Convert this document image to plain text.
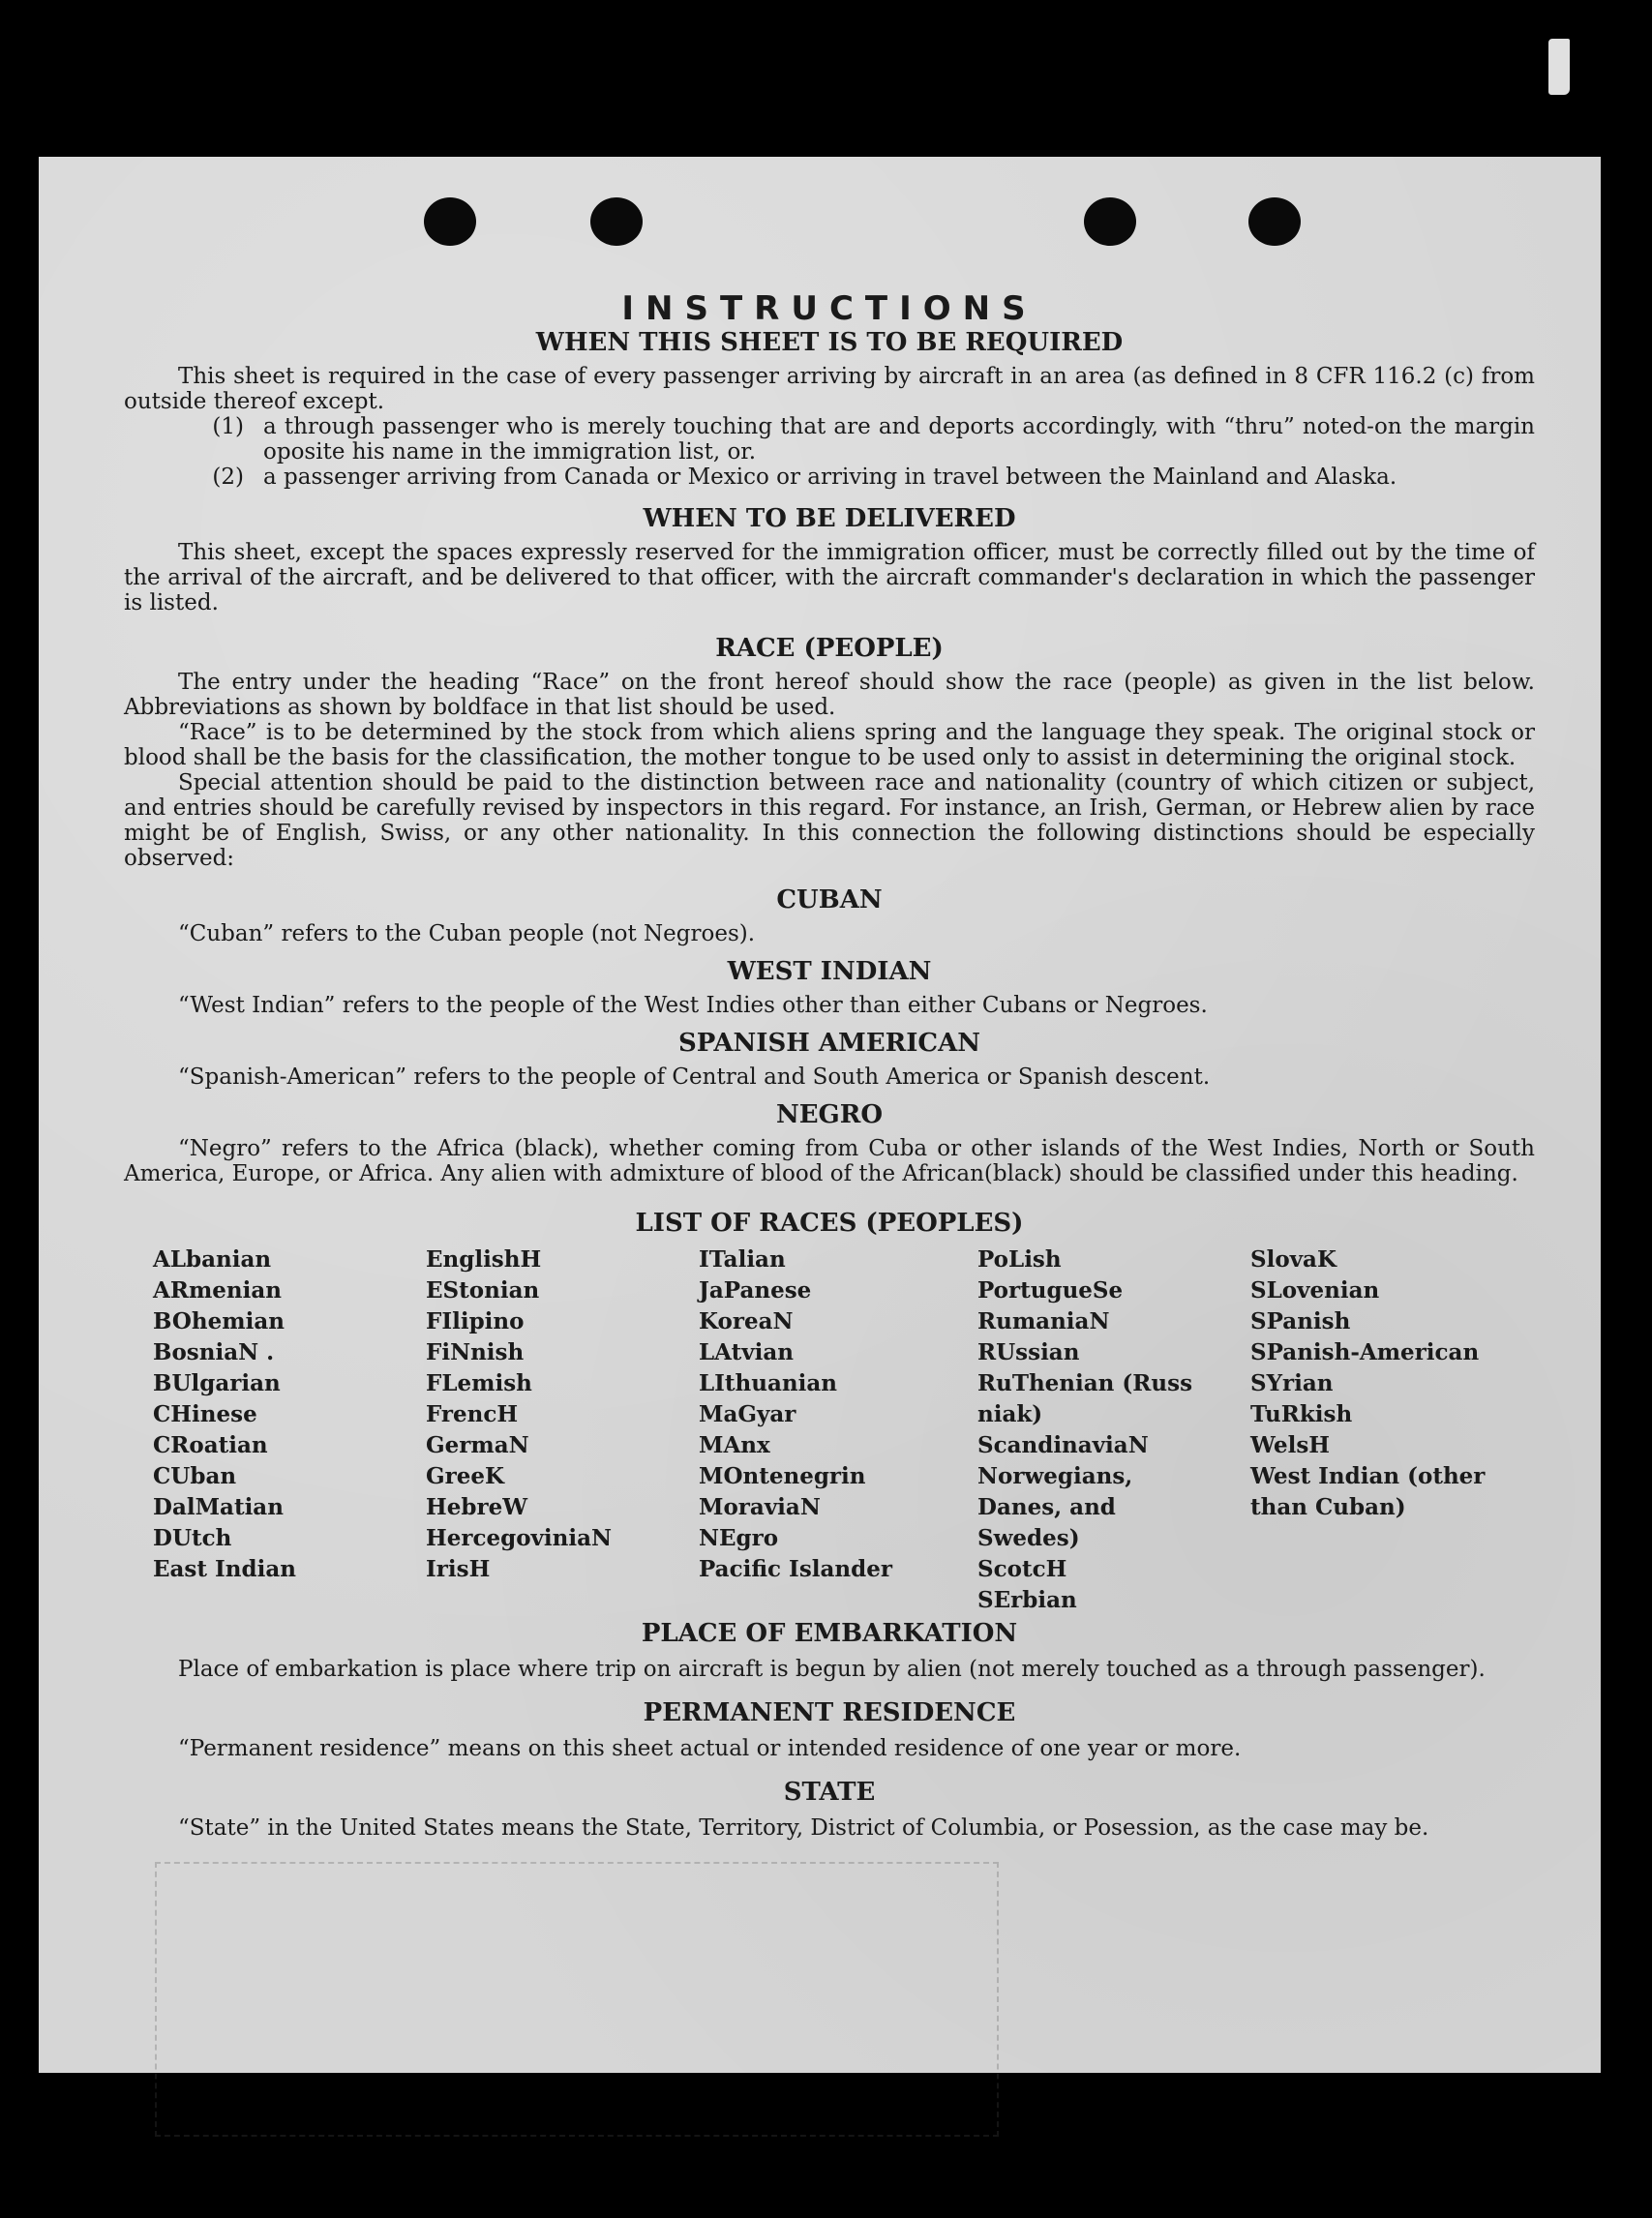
INSTRUCTIONS
WHEN THIS SHEET IS TO BE REQUIRED

This sheet is required in the case of every passenger arriving by aircraft in an area (as defined in 8 CFR 116.2 (c) from outside thereof except.

(1) a through passenger who is merely touching that are and deports accordingly, with “thru” noted-on the margin oposite his name in the immigration list, or.
(2) a passenger arriving from Canada or Mexico or arriving in travel between the Mainland and Alaska.
WHEN TO BE DELIVERED

This sheet, except the spaces expressly reserved for the immigration officer, must be correctly filled out by the time of the arrival of the aircraft, and be delivered to that officer, with the aircraft commander's declaration in which the passenger is listed.

RACE (PEOPLE)

The entry under the heading “Race” on the front hereof should show the race (people) as given in the list below. Abbreviations as shown by boldface in that list should be used.

“Race” is to be determined by the stock from which aliens spring and the language they speak. The original stock or blood shall be the basis for the classification, the mother tongue to be used only to assist in determining the original stock.

Special attention should be paid to the distinction between race and nationality (country of which citizen or subject, and entries should be carefully revised by inspectors in this regard. For instance, an Irish, German, or Hebrew alien by race might be of English, Swiss, or any other nationality. In this connection the following distinctions should be especially observed:

CUBAN

“Cuban” refers to the Cuban people (not Negroes).

WEST INDIAN

“West Indian” refers to the people of the West Indies other than either Cubans or Negroes.

SPANISH AMERICAN

“Spanish-American” refers to the people of Central and South America or Spanish descent.

NEGRO

“Negro” refers to the Africa (black), whether coming from Cuba or other islands of the West Indies, North or South America, Europe, or Africa. Any alien with admixture of blood of the African(black) should be classified under this heading.

LIST OF RACES (PEOPLES)
ALbanian
ARmenian
BOhemian
BosniaN .
BUlgarian
CHinese
CRoatian
CUban
DalMatian
DUtch
East Indian
EnglishH
EStonian
FIlipino
FiNnish
FLemish
FrencH
GermaN
GreeK
HebreW
HercegoviniaN
IrisH
ITalian
JaPanese
KoreaN
LAtvian
LIthuanian
MaGyar
MAnx
MOntenegrin
MoraviaN
NEgro
Pacific Islander
PoLish
PortugueSe
RumaniaN
RUssian
RuThenian (Russ niak)
ScandinaviaN Norwegians, Danes, and Swedes)
ScotcH
SErbian
SlovaK
SLovenian
SPanish
SPanish-American
SYrian
TuRkish
WelsH
West Indian (other than Cuban)
PLACE OF EMBARKATION

Place of embarkation is place where trip on aircraft is begun by alien (not merely touched as a through passenger).

PERMANENT RESIDENCE

“Permanent residence” means on this sheet actual or intended residence of one year or more.

STATE

“State” in the United States means the State, Territory, District of Columbia, or Posession, as the case may be.
